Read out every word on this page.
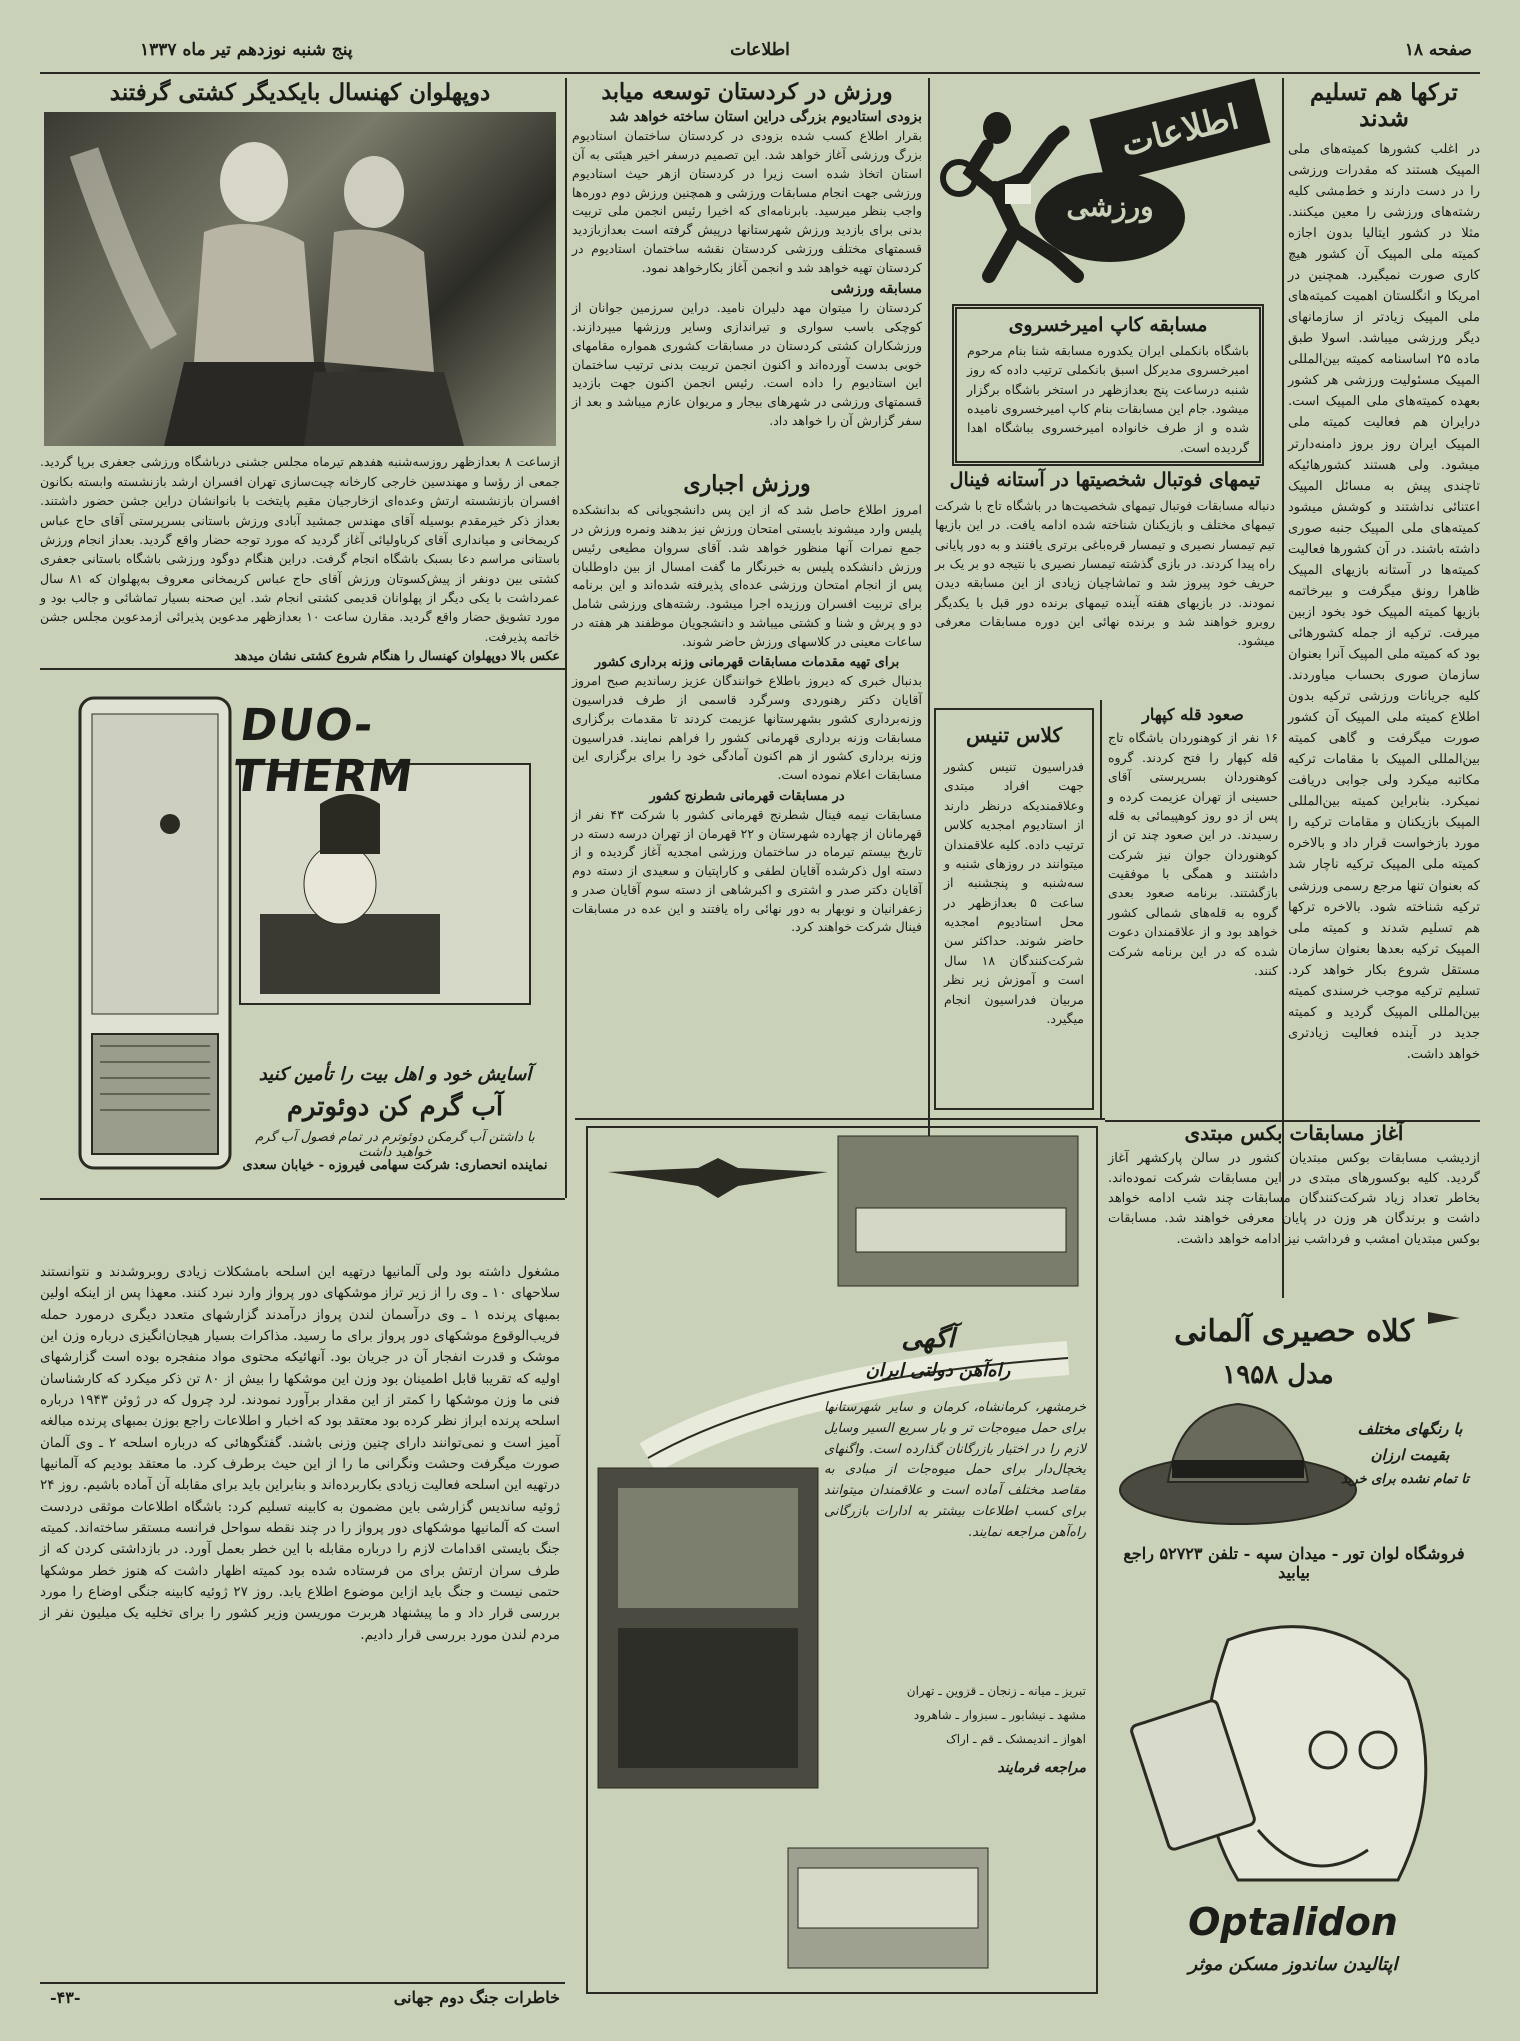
صفحه ۱۸
اطلاعات
پنج شنبه نوزدهم تیر ماه ۱۳۳۷
ترکها هم تسلیم شدند
در اغلب کشورها کمیته‌های ملی المپیک هستند که مقدرات ورزشی را در دست دارند و خط‌مشی کلیه رشته‌های ورزشی را معین میکنند. مثلا در کشور ایتالیا بدون اجازه کمیته ملی المپیک آن کشور هیچ کاری صورت نمیگیرد. همچنین در امریکا و انگلستان اهمیت کمیته‌های ملی المپیک زیادتر از سازمانهای دیگر ورزشی میباشد. اسولا طبق ماده ۲۵ اساسنامه کمیته بین‌المللی المپیک مسئولیت ورزشی هر کشور بعهده کمیته‌های ملی المپیک است. درایران هم فعالیت کمیته ملی المپیک ایران روز بروز دامنه‌دارتر میشود. ولی هستند کشورهائیکه تاچندی پیش به مسائل المپیک اعتنائی نداشتند و کوشش میشود کمیته‌های ملی المپیک جنبه صوری داشته باشند. در آن کشورها فعالیت کمیته‌ها در آستانه بازیهای المپیک ظاهرا رونق میگرفت و بیرخاتمه بازیها کمیته المپیک خود بخود ازبین میرفت. ترکیه از جمله کشورهائی بود که کمیته ملی المپیک آنرا بعنوان سازمان صوری بحساب میاوردند. کلیه جریانات ورزشی ترکیه بدون اطلاع کمیته ملی المپیک آن کشور صورت میگرفت و گاهی کمیته بین‌المللی المپیک با مقامات ترکیه مکاتبه میکرد ولی جوابی دریافت نمیکرد. بنابراین کمیته بین‌المللی المپیک بازیکنان و مقامات ترکیه را مورد بازخواست قرار داد و بالاخره کمیته ملی المپیک ترکیه ناچار شد که بعنوان تنها مرجع رسمی ورزشی ترکیه شناخته شود. بالاخره ترکها هم تسلیم شدند و کمیته ملی المپیک ترکیه بعدها بعنوان سازمان مستقل شروع بکار خواهد کرد. تسلیم ترکیه موجب خرسندی کمیته بین‌المللی المپیک گردید و کمیته جدید در آینده فعالیت زیادتری خواهد داشت.
اطلاعات
ورزشی
مسابقه کاپ امیرخسروی
باشگاه بانکملی ایران یکدوره مسابقه شنا بنام مرحوم امیرخسروی مدیرکل اسبق بانکملی ترتیب داده که روز شنبه درساعت پنج بعدازظهر در استخر باشگاه برگزار میشود. جام این مسابقات بنام کاپ امیرخسروی نامیده شده و از طرف خانواده امیرخسروی بباشگاه اهدا گردیده است.
تیمهای فوتبال شخصیتها در آستانه فینال
دنباله مسابقات فوتبال تیمهای شخصیت‌ها در باشگاه تاج با شرکت تیمهای مختلف و بازیکنان شناخته شده ادامه یافت. در این بازیها تیم تیمسار نصیری و تیمسار قره‌باغی برتری یافتند و به دور پایانی راه پیدا کردند. در بازی گذشته تیمسار نصیری با نتیجه دو بر یک بر حریف خود پیروز شد و تماشاچیان زیادی از این مسابقه دیدن نمودند. در بازیهای هفته آینده تیمهای برنده دور قبل با یکدیگر روبرو خواهند شد و برنده نهائی این دوره مسابقات معرفی میشود.
کلاس تنیس
فدراسیون تنیس کشور جهت افراد مبتدی وعلاقمندیکه درنظر دارند از استادیوم امجدیه کلاس ترتیب داده. کلیه علاقمندان میتوانند در روزهای شنبه و سه‌شنبه و پنجشنبه از ساعت ۵ بعدازظهر در محل استادیوم امجدیه حاضر شوند. حداکثر سن شرکت‌کنندگان ۱۸ سال است و آموزش زیر نظر مربیان فدراسیون انجام میگیرد.
صعود قله کپهار
۱۶ نفر از کوهنوردان باشگاه تاج قله کپهار را فتح کردند. گروه کوهنوردان بسرپرستی آقای حسینی از تهران عزیمت کرده و پس از دو روز کوهپیمائی به قله رسیدند. در این صعود چند تن از کوهنوردان جوان نیز شرکت داشتند و همگی با موفقیت بازگشتند. برنامه صعود بعدی گروه به قله‌های شمالی کشور خواهد بود و از علاقمندان دعوت شده که در این برنامه شرکت کنند.
آغاز مسابقات بکس مبتدی
ازدیشب مسابقات بوکس مبتدیان کشور در سالن پارکشهر آغاز گردید. کلیه بوکسورهای مبتدی در این مسابقات شرکت نموده‌اند. بخاطر تعداد زیاد شرکت‌کنندگان مسابقات چند شب ادامه خواهد داشت و برندگان هر وزن در پایان معرفی خواهند شد. مسابقات بوکس مبتدیان امشب و فرداشب نیز ادامه خواهد داشت.
ورزش در کردستان توسعه میابد
بزودی استادیوم بزرگی دراین استان ساخته خواهد شد
بقرار اطلاع کسب شده بزودی در کردستان ساختمان استادیوم بزرگ ورزشی آغاز خواهد شد. این تصمیم درسفر اخیر هیئتی به آن استان اتخاذ شده است زیرا در کردستان ازهر حیث استادیوم ورزشی جهت انجام مسابقات ورزشی و همچنین ورزش دوم دوره‌ها واجب بنظر میرسید. بابرنامه‌ای که اخیرا رئیس انجمن ملی تربیت بدنی برای بازدید ورزش شهرستانها درپیش گرفته است بعدازبازدید قسمتهای مختلف ورزشی کردستان نقشه ساختمان استادیوم در کردستان تهیه خواهد شد و انجمن آغاز بکارخواهد نمود.
مسابقه ورزشی
کردستان را میتوان مهد دلیران نامید. دراین سرزمین جوانان از کوچکی باسب سواری و تیراندازی وسایر ورزشها میپردازند. ورزشکاران کشتی کردستان در مسابقات کشوری همواره مقامهای خوبی بدست آورده‌اند و اکنون انجمن تربیت بدنی ترتیب ساختمان این استادیوم را داده است. رئیس انجمن اکنون جهت بازدید قسمتهای ورزشی در شهرهای بیجار و مریوان عازم میباشد و بعد از سفر گزارش آن را خواهد داد.
ورزش اجباری
امروز اطلاع حاصل شد که از این پس دانشجویانی که بدانشکده پلیس وارد میشوند بایستی امتحان ورزش نیز بدهند ونمره ورزش در جمع نمرات آنها منظور خواهد شد. آقای سروان مطیعی رئیس ورزش دانشکده پلیس به خبرنگار ما گفت امسال از بین داوطلبان پس از انجام امتحان ورزشی عده‌ای پذیرفته شده‌اند و این برنامه برای تربیت افسران ورزیده اجرا میشود. رشته‌های ورزشی شامل دو و پرش و شنا و کشتی میباشد و دانشجویان موظفند هر هفته در ساعات معینی در کلاسهای ورزش حاضر شوند.
برای تهیه مقدمات مسابقات قهرمانی وزنه برداری کشور
بدنبال خبری که دیروز باطلاع خوانندگان عزیز رساندیم صبح امروز آقایان دکتر رهنوردی وسرگرد قاسمی از طرف فدراسیون وزنه‌برداری کشور بشهرستانها عزیمت کردند تا مقدمات برگزاری مسابقات وزنه برداری قهرمانی کشور را فراهم نمایند. فدراسیون وزنه برداری کشور از هم اکنون آمادگی خود را برای برگزاری این مسابقات اعلام نموده است.
در مسابقات قهرمانی شطرنج کشور
مسابقات نیمه فینال شطرنج قهرمانی کشور با شرکت ۴۳ نفر از قهرمانان از چهارده شهرستان و ۲۲ قهرمان از تهران درسه دسته در تاریخ بیستم تیرماه در ساختمان ورزشی امجدیه آغاز گردیده و از دسته اول ذکرشده آقایان لطفی و کاراپتیان و سعیدی از دسته دوم آقایان دکتر صدر و اشتری و اکبرشاهی از دسته سوم آقایان صدر و زعفرانیان و نوبهار به دور نهائی راه یافتند و این عده در مسابقات فینال شرکت خواهند کرد.
دوپهلوان کهنسال بایکدیگر کشتی گرفتند
ازساعت ۸ بعدازظهر روزسه‌شنبه هفدهم تیرماه مجلس جشنی درباشگاه ورزشی جعفری برپا گردید. جمعی از رؤسا و مهندسین خارجی کارخانه چیت‌سازی تهران افسران ارشد بازنشسته وابسته بکانون افسران بازنشسته ارتش وعده‌ای ازخارجیان مقیم پایتخت با بانوانشان دراین جشن حضور داشتند. بعداز ذکر خیرمقدم بوسیله آقای مهندس جمشید آبادی ورزش باستانی بسرپرستی آقای حاج عباس کریمخانی و میانداری آقای کرباولیائی آغاز گردید که مورد توجه حضار واقع گردید. بعداز انجام ورزش باستانی مراسم دعا بسبک باشگاه انجام گرفت. دراین هنگام دوگود ورزشی باشگاه باستانی جعفری کشتی بین دونفر از پیش‌کسوتان ورزش آقای حاج عباس کریمخانی معروف به‌پهلوان که ۸۱ سال عمرداشت با یکی دیگر از پهلوانان قدیمی کشتی انجام شد. این صحنه بسیار تماشائی و جالب بود و مورد تشویق حضار واقع گردید. مقارن ساعت ۱۰ بعدازظهر مدعوین پذیرائی ازمدعوین مجلس جشن خاتمه پذیرفت.
عکس بالا دوپهلوان کهنسال را هنگام شروع کشتی نشان میدهد
DUO-THERM
آسایش خود و اهل بیت را تأمین کنید
آب گرم کن دوئوترم
با داشتن آب گرمکن دوئوترم در تمام فصول آب گرم خواهید داشت
نماینده انحصاری: شرکت سهامی فیروزه - خیابان سعدی
مشغول داشته بود ولی آلمانیها درتهیه این اسلحه بامشکلات زیادی روبروشدند و نتوانستند سلاحهای ۱۰ ـ وی را از زیر تراز موشکهای دور پرواز وارد نبرد کنند. معهذا پس از اینکه اولین بمبهای پرنده ۱ ـ وی درآسمان لندن پرواز درآمدند گزارشهای متعدد دیگری درمورد حمله فریب‌الوقوع موشکهای دور پرواز برای ما رسید. مذاکرات بسیار هیجان‌انگیزی درباره وزن این موشک و قدرت انفجار آن در جریان بود. آنهائیکه محتوی مواد منفجره بوده است گزارشهای اولیه که تقریبا قابل اطمینان بود وزن این موشکها را بیش از ۸۰ تن ذکر میکرد که کارشناسان فنی ما وزن موشکها را کمتر از این مقدار برآورد نمودند. لرد چرول که در ژوئن ۱۹۴۳ درباره اسلحه پرنده ابراز نظر کرده بود معتقد بود که اخبار و اطلاعات راجع بوزن بمبهای پرنده مبالغه آمیز است و نمی‌توانند دارای چنین وزنی باشند. گفتگوهائی که درباره اسلحه ۲ ـ وی آلمان صورت میگرفت وحشت ونگرانی ما را از این حیث برطرف کرد. ما معتقد بودیم که آلمانیها درتهیه این اسلحه فعالیت زیادی بکاربرده‌اند و بنابراین باید برای مقابله آن آماده باشیم. روز ۲۴ ژوئیه ساندیس گزارشی باین مضمون به کابینه تسلیم کرد: باشگاه اطلاعات موثقی دردست است که آلمانیها موشکهای دور پرواز را در چند نقطه سواحل فرانسه مستقر ساخته‌اند. کمیته جنگ بایستی اقدامات لازم را درباره مقابله با این خطر بعمل آورد. در بازداشتی کردن که از طرف سران ارتش برای من فرستاده شده بود کمیته اظهار داشت که هنوز خطر موشکها حتمی نیست و جنگ باید ازاین موضوع اطلاع یابد. روز ۲۷ ژوئیه کابینه جنگی اوضاع را مورد بررسی قرار داد و ما پیشنهاد هربرت موریسن وزیر کشور را برای تخلیه یک میلیون نفر از مردم لندن مورد بررسی قرار دادیم.
خاطرات جنگ دوم جهانی
-۴۳-
آگهی
راه‌آهن دولتی ایران
خرمشهر، کرمانشاه، کرمان و سایر شهرستانها برای حمل میوه‌جات تر و بار سریع السیر وسایل لازم را در اختیار بازرگانان گذارده است. واگنهای یخچال‌دار برای حمل میوه‌جات از مبادی به مقاصد مختلف آماده است و علاقمندان میتوانند برای کسب اطلاعات بیشتر به ادارات بازرگانی راه‌آهن مراجعه نمایند.
تبریز ـ میانه ـ زنجان ـ قزوین ـ تهران
مشهد ـ نیشابور ـ سبزوار ـ شاهرود
اهواز ـ اندیمشک ـ قم ـ اراک
مراجعه فرمایند
کلاه حصیری آلمانی
مدل ۱۹۵۸
با رنگهای مختلف
بقیمت ارزان
تا تمام نشده برای خرید
فروشگاه لوان تور - میدان سپه - تلفن ۵۲۷۲۳ راجع بیابید
Optalidon
اپتالیدن ساندوز مسکن موثر
